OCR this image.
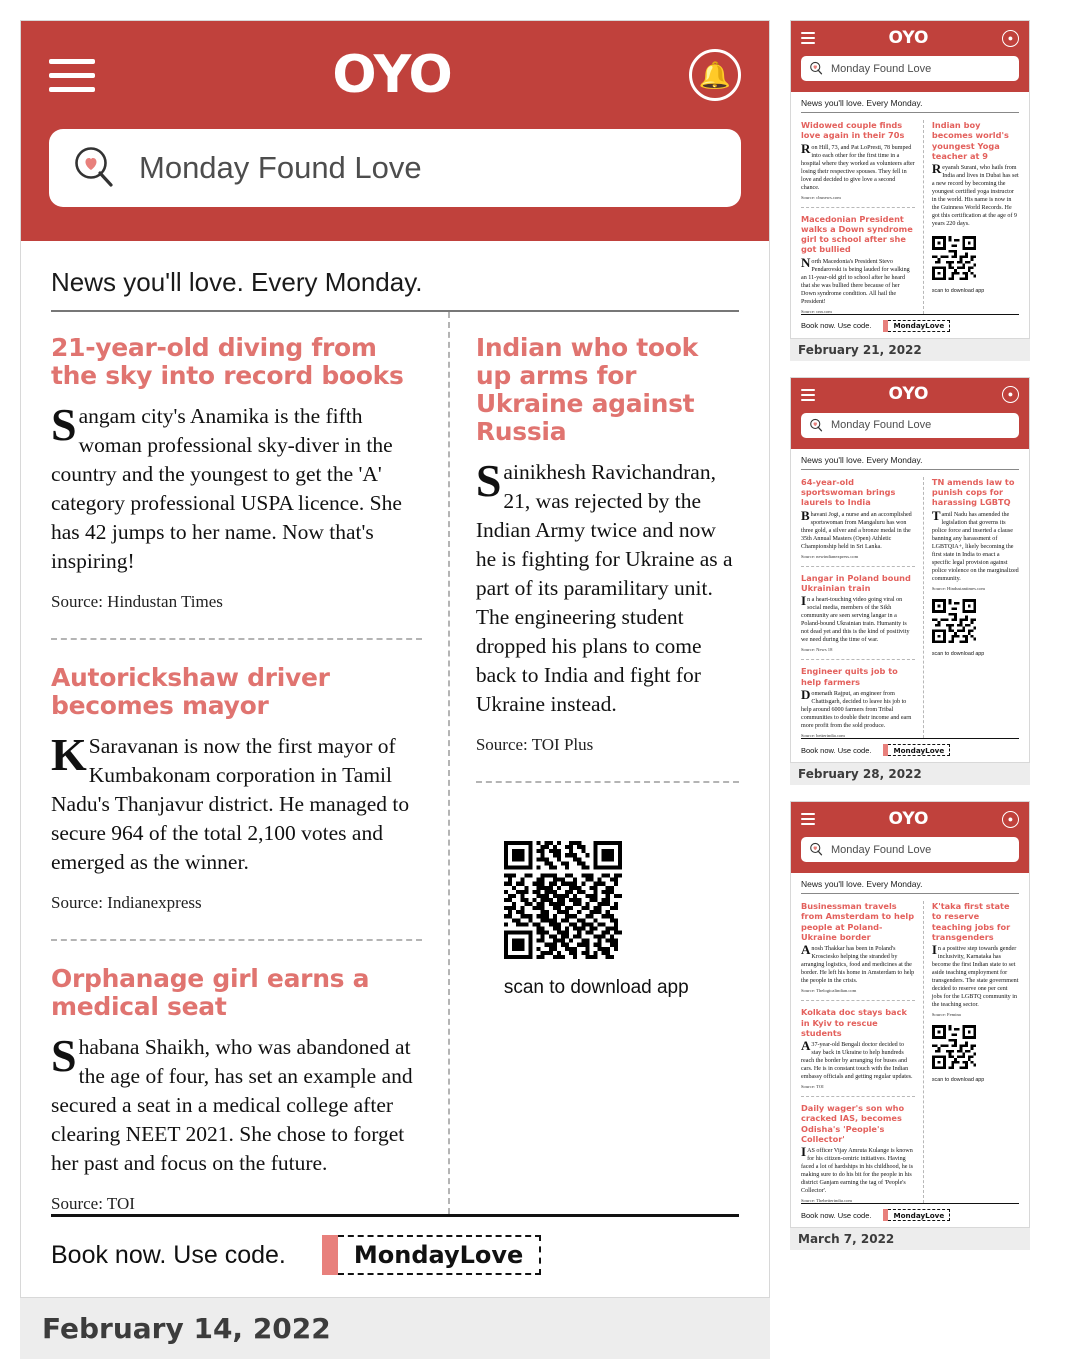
OYO	🔔
Monday Found Love
News you'll love. Every Monday.
21-year-old diving from the sky into record books
Sangam city's Anamika is the fifth woman professional sky-diver in the country and the youngest to get the 'A' category professional USPA licence. She has 42 jumps to her name. Now that's inspiring!
Source: Hindustan Times
Autorickshaw driver becomes mayor
KSaravanan is now the first mayor of Kumbakonam corporation in Tamil Nadu's Thanjavur district. He managed to secure 964 of the total 2,100 votes and emerged as the winner.
Source: Indianexpress
Orphanage girl earns a medical seat
Shabana Shaikh, who was abandoned at the age of four, has set an example and secured a seat in a medical college after clearing NEET 2021. She chose to forget her past and focus on the future.
Source: TOI
Indian who took up arms for Ukraine against Russia
Sainikhesh Ravichandran, 21, was rejected by the Indian Army twice and now he is fighting for Ukraine as a part of its paramilitary unit. The engineering student dropped his plans to come back to India and fight for Ukraine instead.
Source: TOI Plus
scan to download app
Book now. Use code.	MondayLove
February 14, 2022
OYO	●
Monday Found Love
News you'll love. Every Monday.
Widowed couple finds love again in their 70s
Ron Hill, 73, and Pat LoPresti, 78 bumped into each other for the first time in a hospital where they worked as volunteers after losing their respective spouses. They fell in love and decided to give love a second chance.
Source: cbsnews.com
Macedonian President walks a Down syndrome girl to school after she got bullied
North Macedonia's President Stevo Pendarovski is being lauded for walking an 11-year-old girl to school after he heard that she was bullied there because of her Down syndrome condition. All hail the President!
Source: cnn.com
Indian boy becomes world's youngest Yoga teacher at 9
Reyansh Surani, who hails from India and lives in Dubai has set a new record by becoming the youngest certified yoga instructor in the world. His name is now in the Guinness World Records. He got this certification at the age of 9 years 220 days.
scan to download app
Book now. Use code.	MondayLove
February 21, 2022
OYO	●
Monday Found Love
News you'll love. Every Monday.
64-year-old sportswoman brings laurels to India
Bhavani Jogi, a nurse and an accomplished sportswoman from Mangaluru has won three gold, a silver and a bronze medal in the 35th Annual Masters (Open) Athletic Championship held in Sri Lanka.
Source: newindianexpress.com
Langar in Poland bound Ukrainian train
In a heart-touching video going viral on social media, members of the Sikh community are seen serving langar in a Poland-bound Ukrainian train. Humanity is not dead yet and this is the kind of positivity we need during the time of war.
Source: News 18
Engineer quits job to help farmers
Domenath Rajput, an engineer from Chattisgarh, decided to leave his job to help around 6000 farmers from Tribal communities to double their income and earn more profit from the sold produce.
Source: betterindia.com
TN amends law to punish cops for harassing LGBTQ
Tamil Nadu has amended the legislation that governs its police force and inserted a clause banning any harassment of LGBTQIA+, likely becoming the first state in India to enact a specific legal provision against police violence on the marginalized community.
Source: Hindustantimes.com
scan to download app
Book now. Use code.	MondayLove
February 28, 2022
OYO	●
Monday Found Love
News you'll love. Every Monday.
Businessman travels from Amsterdam to help people at Poland-Ukraine border
Anosh Thakkar has been in Poland's Krosciesko helping the stranded by arranging logistics, food and medicines at the border. He left his home in Amsterdam to help the people in the crisis.
Source: Thelogicalindian.com
Kolkata doc stays back in Kyiv to rescue students
A37-year-old Bengali doctor decided to stay back in Ukraine to help hundreds reach the border by arranging for buses and cars. He is in constant touch with the Indian embassy officials and getting regular updates.
Source: TOI
Daily wager's son who cracked IAS, becomes Odisha's 'People's Collector'
IAS officer Vijay Amruta Kulange is known for his citizen-centric initiatives. Having faced a lot of hardships in his childhood, he is making sure to do his bit for the people in his district Ganjam earning the tag of 'People's Collector'.
Source: Thebetterindia.com
K'taka first state to reserve teaching jobs for transgenders
In a positive step towards gender inclusivity, Karnataka has become the first Indian state to set aside teaching employment for transgenders. The state government decided to reserve one per cent jobs for the LGBTQ community in the teaching sector.
Source: Femina
scan to download app
Book now. Use code.	MondayLove
March 7, 2022
